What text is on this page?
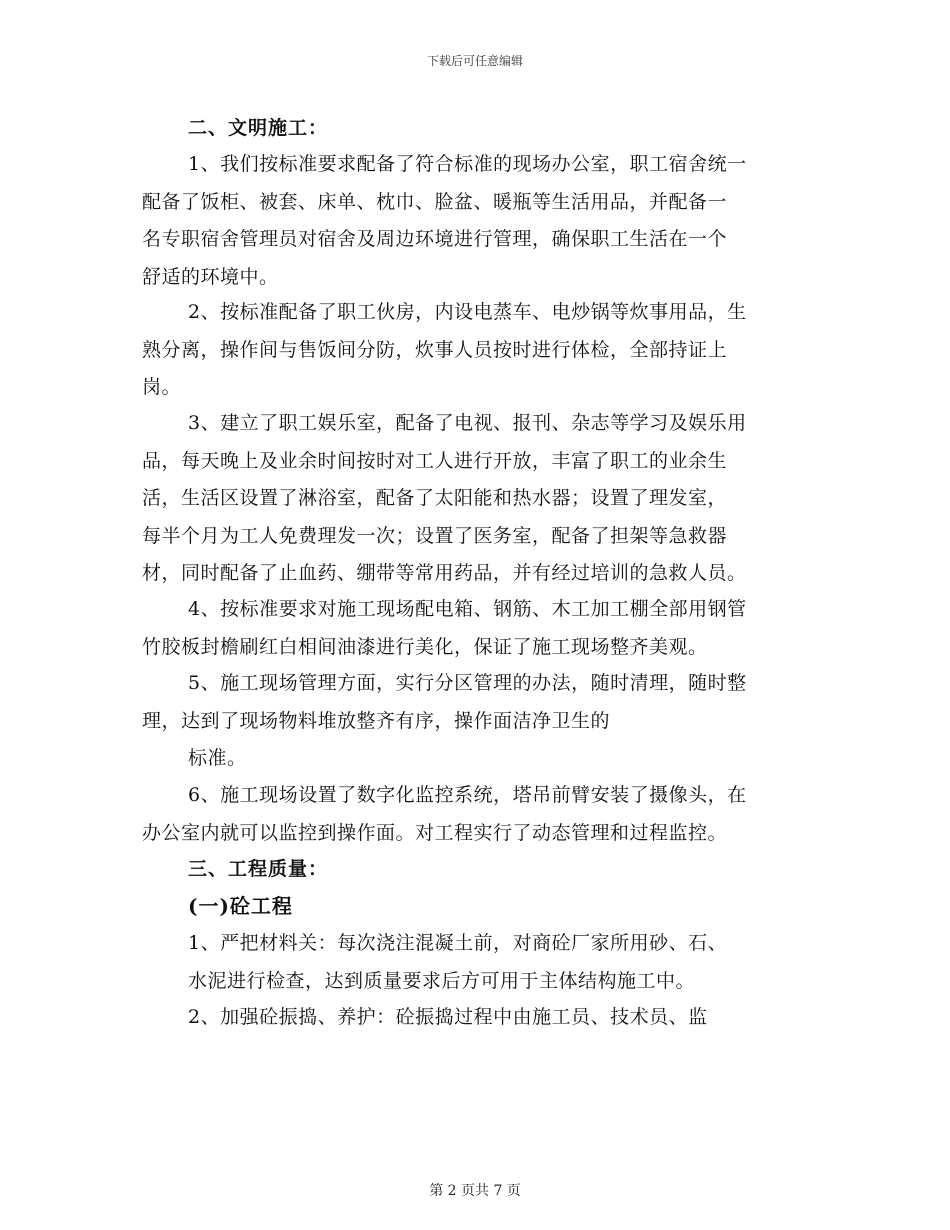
下载后可任意编辑
二、文明施工：
1、我们按标准要求配备了符合标准的现场办公室，职工宿舍统一
配备了饭柜、被套、床单、枕巾、脸盆、暖瓶等生活用品，并配备一
名专职宿舍管理员对宿舍及周边环境进行管理，确保职工生活在一个
舒适的环境中。
2、按标准配备了职工伙房，内设电蒸车、电炒锅等炊事用品，生
熟分离，操作间与售饭间分防，炊事人员按时进行体检，全部持证上
岗。
3、建立了职工娱乐室，配备了电视、报刊、杂志等学习及娱乐用
品，每天晚上及业余时间按时对工人进行开放，丰富了职工的业余生
活，生活区设置了淋浴室，配备了太阳能和热水器；设置了理发室，
每半个月为工人免费理发一次；设置了医务室，配备了担架等急救器
材，同时配备了止血药、绷带等常用药品，并有经过培训的急救人员。
4、按标准要求对施工现场配电箱、钢筋、木工加工棚全部用钢管
竹胶板封檐刷红白相间油漆进行美化，保证了施工现场整齐美观。
5、施工现场管理方面，实行分区管理的办法，随时清理，随时整
理，达到了现场物料堆放整齐有序，操作面洁净卫生的
标准。
6、施工现场设置了数字化监控系统，塔吊前臂安装了摄像头，在
办公室内就可以监控到操作面。对工程实行了动态管理和过程监控。
三、工程质量：
(一)砼工程
1、严把材料关：每次浇注混凝土前，对商砼厂家所用砂、石、
水泥进行检查，达到质量要求后方可用于主体结构施工中。
2、加强砼振捣、养护：砼振捣过程中由施工员、技术员、监
第 2 页共 7 页
